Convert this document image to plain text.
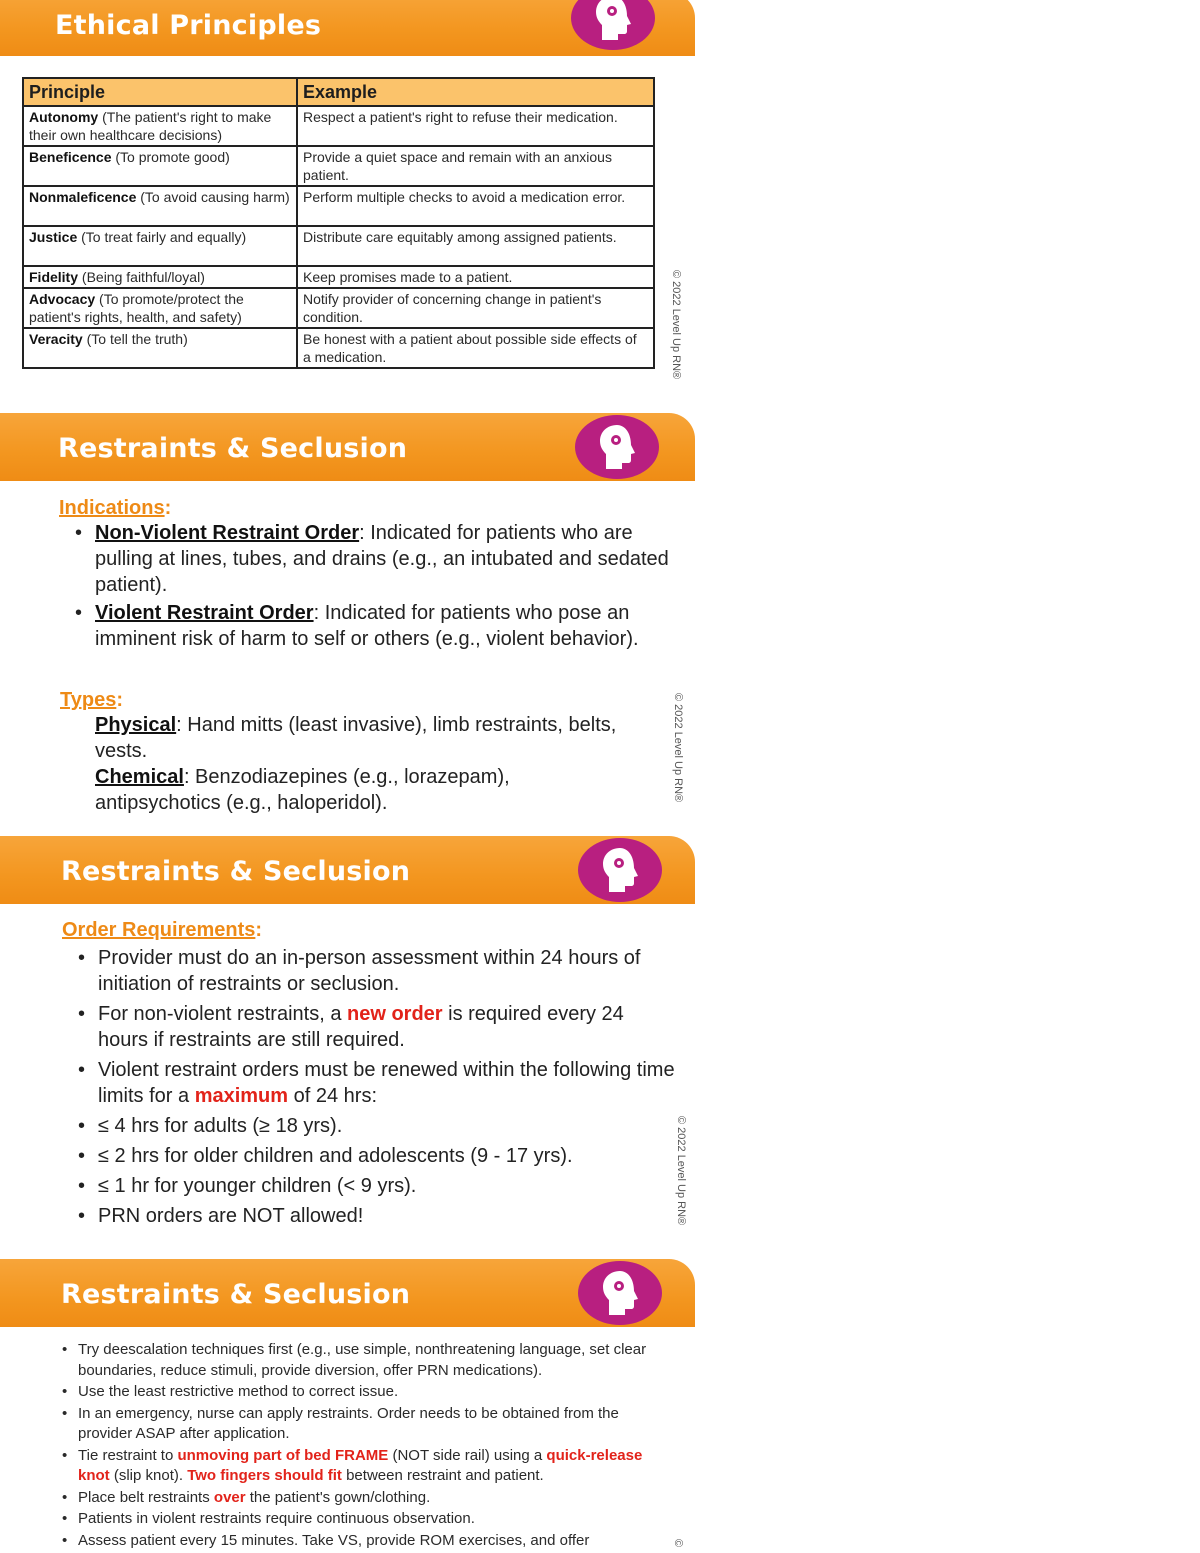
Ethical Principles
Principle	Example
Autonomy (The patient's right to make their own healthcare decisions)	Respect a patient's right to refuse their medication.
Beneficence (To promote good)	Provide a quiet space and remain with an anxious patient.
Nonmaleficence (To avoid causing harm)	Perform multiple checks to avoid a medication error.
Justice (To treat fairly and equally)	Distribute care equitably among assigned patients.
Fidelity (Being faithful/loyal)	Keep promises made to a patient.
Advocacy (To promote/protect the patient's rights, health, and safety)	Notify provider of concerning change in patient's condition.
Veracity (To tell the truth)	Be honest with a patient about possible side effects of a medication.	© 2022 Level Up RN®
Restraints & Seclusion
Indications:
• Non-Violent Restraint Order: Indicated for patients who are pulling at lines, tubes, and drains (e.g., an intubated and sedated patient).
• Violent Restraint Order: Indicated for patients who pose an imminent risk of harm to self or others (e.g., violent behavior).
Types:
Physical: Hand mitts (least invasive), limb restraints, belts, vests.
Chemical: Benzodiazepines (e.g., lorazepam), antipsychotics (e.g., haloperidol).
© 2022 Level Up RN®
Restraints & Seclusion
Order Requirements:
• Provider must do an in-person assessment within 24 hours of initiation of restraints or seclusion.
• For non-violent restraints, a new order is required every 24 hours if restraints are still required.
• Violent restraint orders must be renewed within the following time limits for a maximum of 24 hrs:
• ≤ 4 hrs for adults (≥ 18 yrs).
• ≤ 2 hrs for older children and adolescents (9 - 17 yrs).
• ≤ 1 hr for younger children (< 9 yrs).
• PRN orders are NOT allowed!	© 2022 Level Up RN®
Restraints & Seclusion
• Try deescalation techniques first (e.g., use simple, nonthreatening language, set clear boundaries, reduce stimuli, provide diversion, offer PRN medications).
• Use the least restrictive method to correct issue.
• In an emergency, nurse can apply restraints. Order needs to be obtained from the provider ASAP after application.
• Tie restraint to unmoving part of bed FRAME (NOT side rail) using a quick-release knot (slip knot). Two fingers should fit between restraint and patient.
• Place belt restraints over the patient's gown/clothing.
• Patients in violent restraints require continuous observation.
• Assess patient every 15 minutes. Take VS, provide ROM exercises, and offer	©
